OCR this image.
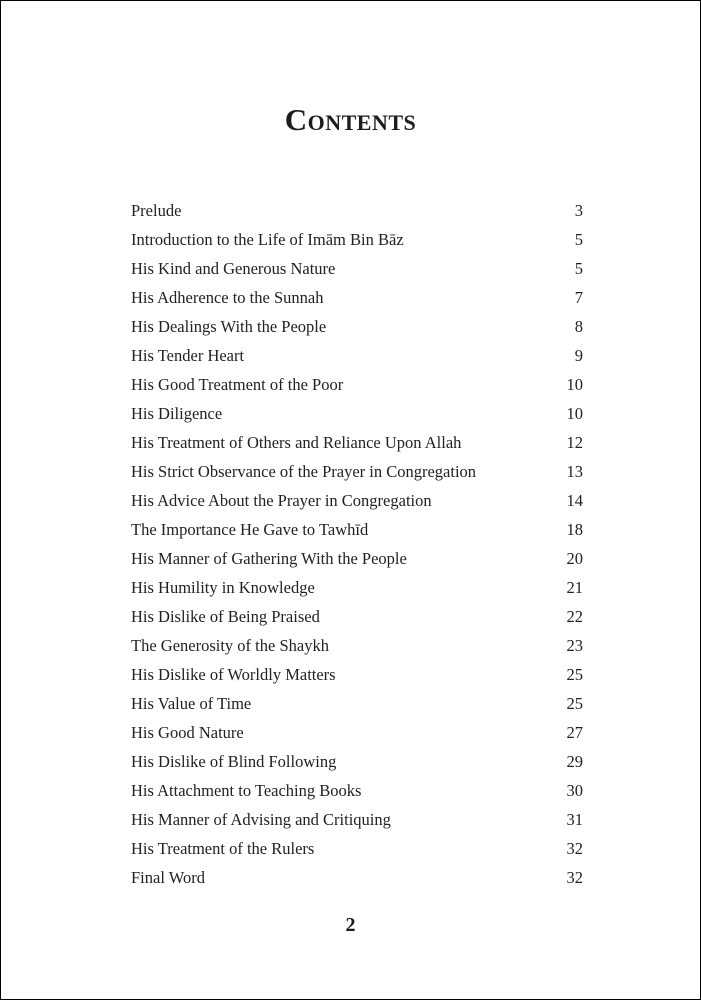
Contents
Prelude	3
Introduction to the Life of Imām Bin Bāz	5
His Kind and Generous Nature	5
His Adherence to the Sunnah	7
His Dealings With the People	8
His Tender Heart	9
His Good Treatment of the Poor	10
His Diligence	10
His Treatment of Others and Reliance Upon Allah	12
His Strict Observance of the Prayer in Congregation	13
His Advice About the Prayer in Congregation	14
The Importance He Gave to Tawhīd	18
His Manner of Gathering With the People	20
His Humility in Knowledge	21
His Dislike of Being Praised	22
The Generosity of the Shaykh	23
His Dislike of Worldly Matters	25
His Value of Time	25
His Good Nature	27
His Dislike of Blind Following	29
His Attachment to Teaching Books	30
His Manner of Advising and Critiquing	31
His Treatment of the Rulers	32
Final Word	32
2
